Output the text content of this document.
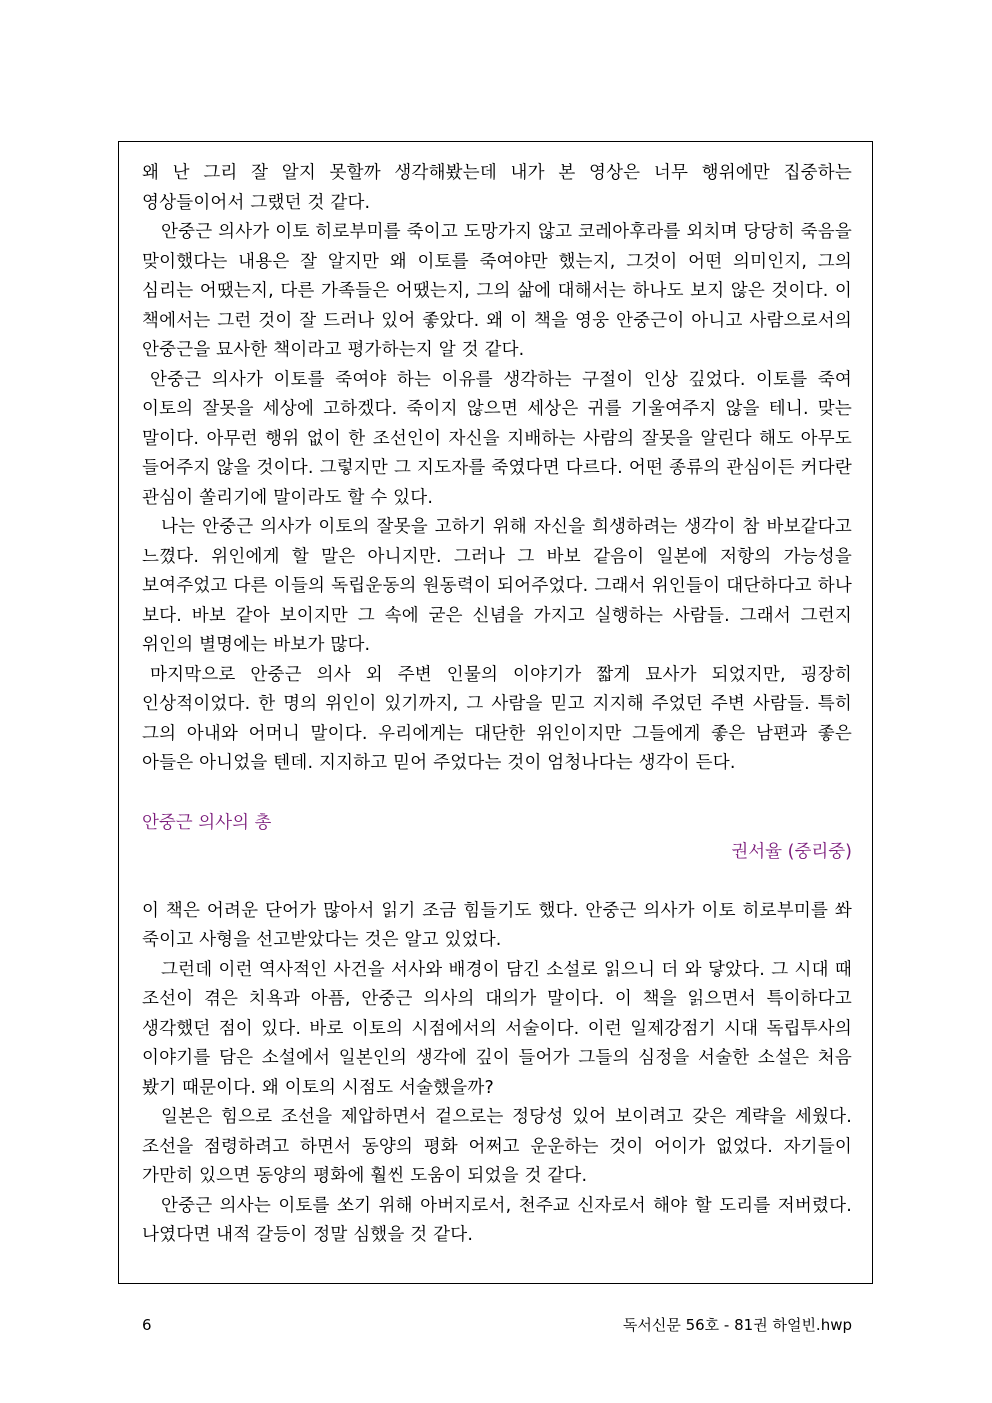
왜 난 그리 잘 알지 못할까 생각해봤는데 내가 본 영상은 너무 행위에만 집중하는 영상들이어서 그랬던 것 같다.

안중근 의사가 이토 히로부미를 죽이고 도망가지 않고 코레아후라를 외치며 당당히 죽음을 맞이했다는 내용은 잘 알지만 왜 이토를 죽여야만 했는지, 그것이 어떤 의미인지, 그의 심리는 어땠는지, 다른 가족들은 어땠는지, 그의 삶에 대해서는 하나도 보지 않은 것이다. 이 책에서는 그런 것이 잘 드러나 있어 좋았다. 왜 이 책을 영웅 안중근이 아니고 사람으로서의 안중근을 묘사한 책이라고 평가하는지 알 것 같다.

안중근 의사가 이토를 죽여야 하는 이유를 생각하는 구절이 인상 깊었다. 이토를 죽여 이토의 잘못을 세상에 고하겠다. 죽이지 않으면 세상은 귀를 기울여주지 않을 테니. 맞는 말이다. 아무런 행위 없이 한 조선인이 자신을 지배하는 사람의 잘못을 알린다 해도 아무도 들어주지 않을 것이다. 그렇지만 그 지도자를 죽였다면 다르다. 어떤 종류의 관심이든 커다란 관심이 쏠리기에 말이라도 할 수 있다.

나는 안중근 의사가 이토의 잘못을 고하기 위해 자신을 희생하려는 생각이 참 바보같다고 느꼈다. 위인에게 할 말은 아니지만. 그러나 그 바보 같음이 일본에 저항의 가능성을 보여주었고 다른 이들의 독립운동의 원동력이 되어주었다. 그래서 위인들이 대단하다고 하나 보다. 바보 같아 보이지만 그 속에 굳은 신념을 가지고 실행하는 사람들. 그래서 그런지 위인의 별명에는 바보가 많다.

마지막으로 안중근 의사 외 주변 인물의 이야기가 짧게 묘사가 되었지만, 굉장히 인상적이었다. 한 명의 위인이 있기까지, 그 사람을 믿고 지지해 주었던 주변 사람들. 특히 그의 아내와 어머니 말이다. 우리에게는 대단한 위인이지만 그들에게 좋은 남편과 좋은 아들은 아니었을 텐데. 지지하고 믿어 주었다는 것이 엄청나다는 생각이 든다.

안중근 의사의 총

권서율 (중리중)

이 책은 어려운 단어가 많아서 읽기 조금 힘들기도 했다. 안중근 의사가 이토 히로부미를 쏴 죽이고 사형을 선고받았다는 것은 알고 있었다.

그런데 이런 역사적인 사건을 서사와 배경이 담긴 소설로 읽으니 더 와 닿았다. 그 시대 때 조선이 겪은 치욕과 아픔, 안중근 의사의 대의가 말이다. 이 책을 읽으면서 특이하다고 생각했던 점이 있다. 바로 이토의 시점에서의 서술이다. 이런 일제강점기 시대 독립투사의 이야기를 담은 소설에서 일본인의 생각에 깊이 들어가 그들의 심정을 서술한 소설은 처음 봤기 때문이다. 왜 이토의 시점도 서술했을까?

일본은 힘으로 조선을 제압하면서 겉으로는 정당성 있어 보이려고 갖은 계략을 세웠다. 조선을 점령하려고 하면서 동양의 평화 어쩌고 운운하는 것이 어이가 없었다. 자기들이 가만히 있으면 동양의 평화에 훨씬 도움이 되었을 것 같다.

안중근 의사는 이토를 쏘기 위해 아버지로서, 천주교 신자로서 해야 할 도리를 저버렸다. 나였다면 내적 갈등이 정말 심했을 것 같다.

6	독서신문 56호 - 81권 하얼빈.hwp
